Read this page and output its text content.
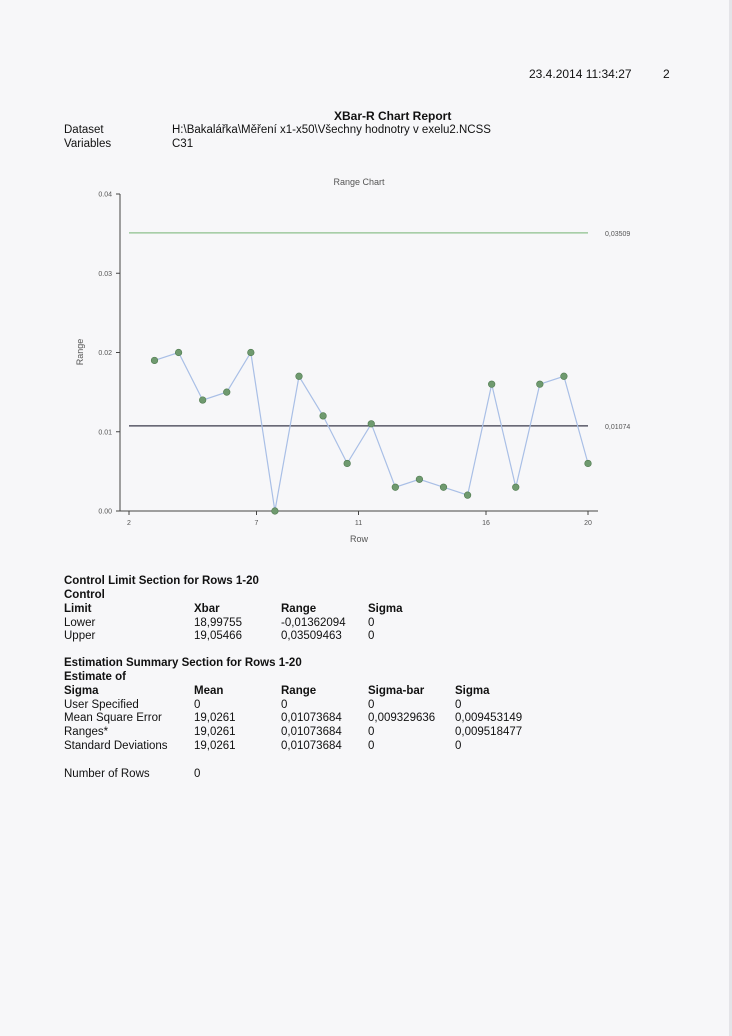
23.4.2014 11:34:27	2
XBar-R Chart Report
Dataset	H:\Bakalářka\Měření x1-x50\Všechny hodnotry v exelu2.NCSS
Variables	C31
Range Chart
0.04
0.03
0.02
0.01
0.00
2	7	11	16	20
Row
Range
0,03509
0,01074
Control Limit Section for Rows 1-20
Control			
Limit	Xbar	Range	Sigma
Lower	18,99755	-0,01362094	0
Upper	19,05466	0,03509463	0
Estimation Summary Section for Rows 1-20
Estimate of				
Sigma	Mean	Range	Sigma-bar	Sigma
User Specified	0	0	0	0
Mean Square Error	19,0261	0,01073684	0,009329636	0,009453149
Ranges*	19,0261	0,01073684	0	0,009518477
Standard Deviations	19,0261	0,01073684	0	0
Number of Rows	0
